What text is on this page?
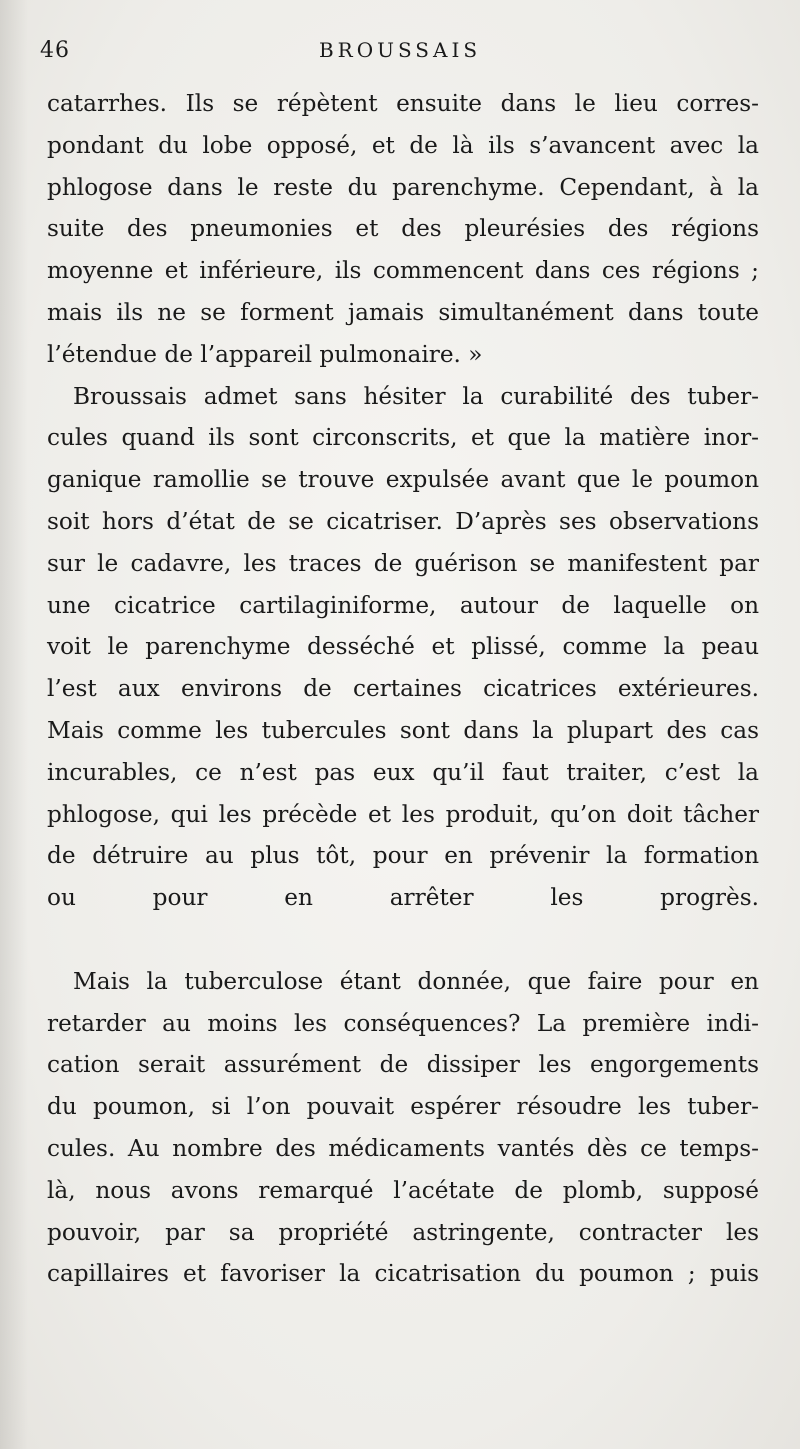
46	BROUSSAIS
catarrhes. Ils se répètent ensuite dans le lieu corres-
pondant du lobe opposé, et de là ils s’avancent avec la
phlogose dans le reste du parenchyme. Cependant, à la
suite des pneumonies et des pleurésies des régions
moyenne et inférieure, ils commencent dans ces régions ;
mais ils ne se forment jamais simultanément dans toute
l’étendue de l’appareil pulmonaire. »
Broussais admet sans hésiter la curabilité des tuber-
cules quand ils sont circonscrits, et que la matière inor-
ganique ramollie se trouve expulsée avant que le poumon
soit hors d’état de se cicatriser. D’après ses observations
sur le cadavre, les traces de guérison se manifestent par
une cicatrice cartilaginiforme, autour de laquelle on
voit le parenchyme desséché et plissé, comme la peau
l’est aux environs de certaines cicatrices extérieures.
Mais comme les tubercules sont dans la plupart des cas
incurables, ce n’est pas eux qu’il faut traiter, c’est la
phlogose, qui les précède et les produit, qu’on doit tâcher
de détruire au plus tôt, pour en prévenir la formation
ou pour en arrêter les progrès.
Mais la tuberculose étant donnée, que faire pour en
retarder au moins les conséquences? La première indi-
cation serait assurément de dissiper les engorgements
du poumon, si l’on pouvait espérer résoudre les tuber-
cules. Au nombre des médicaments vantés dès ce temps-
là, nous avons remarqué l’acétate de plomb, supposé
pouvoir, par sa propriété astringente, contracter les
capillaires et favoriser la cicatrisation du poumon ; puis
